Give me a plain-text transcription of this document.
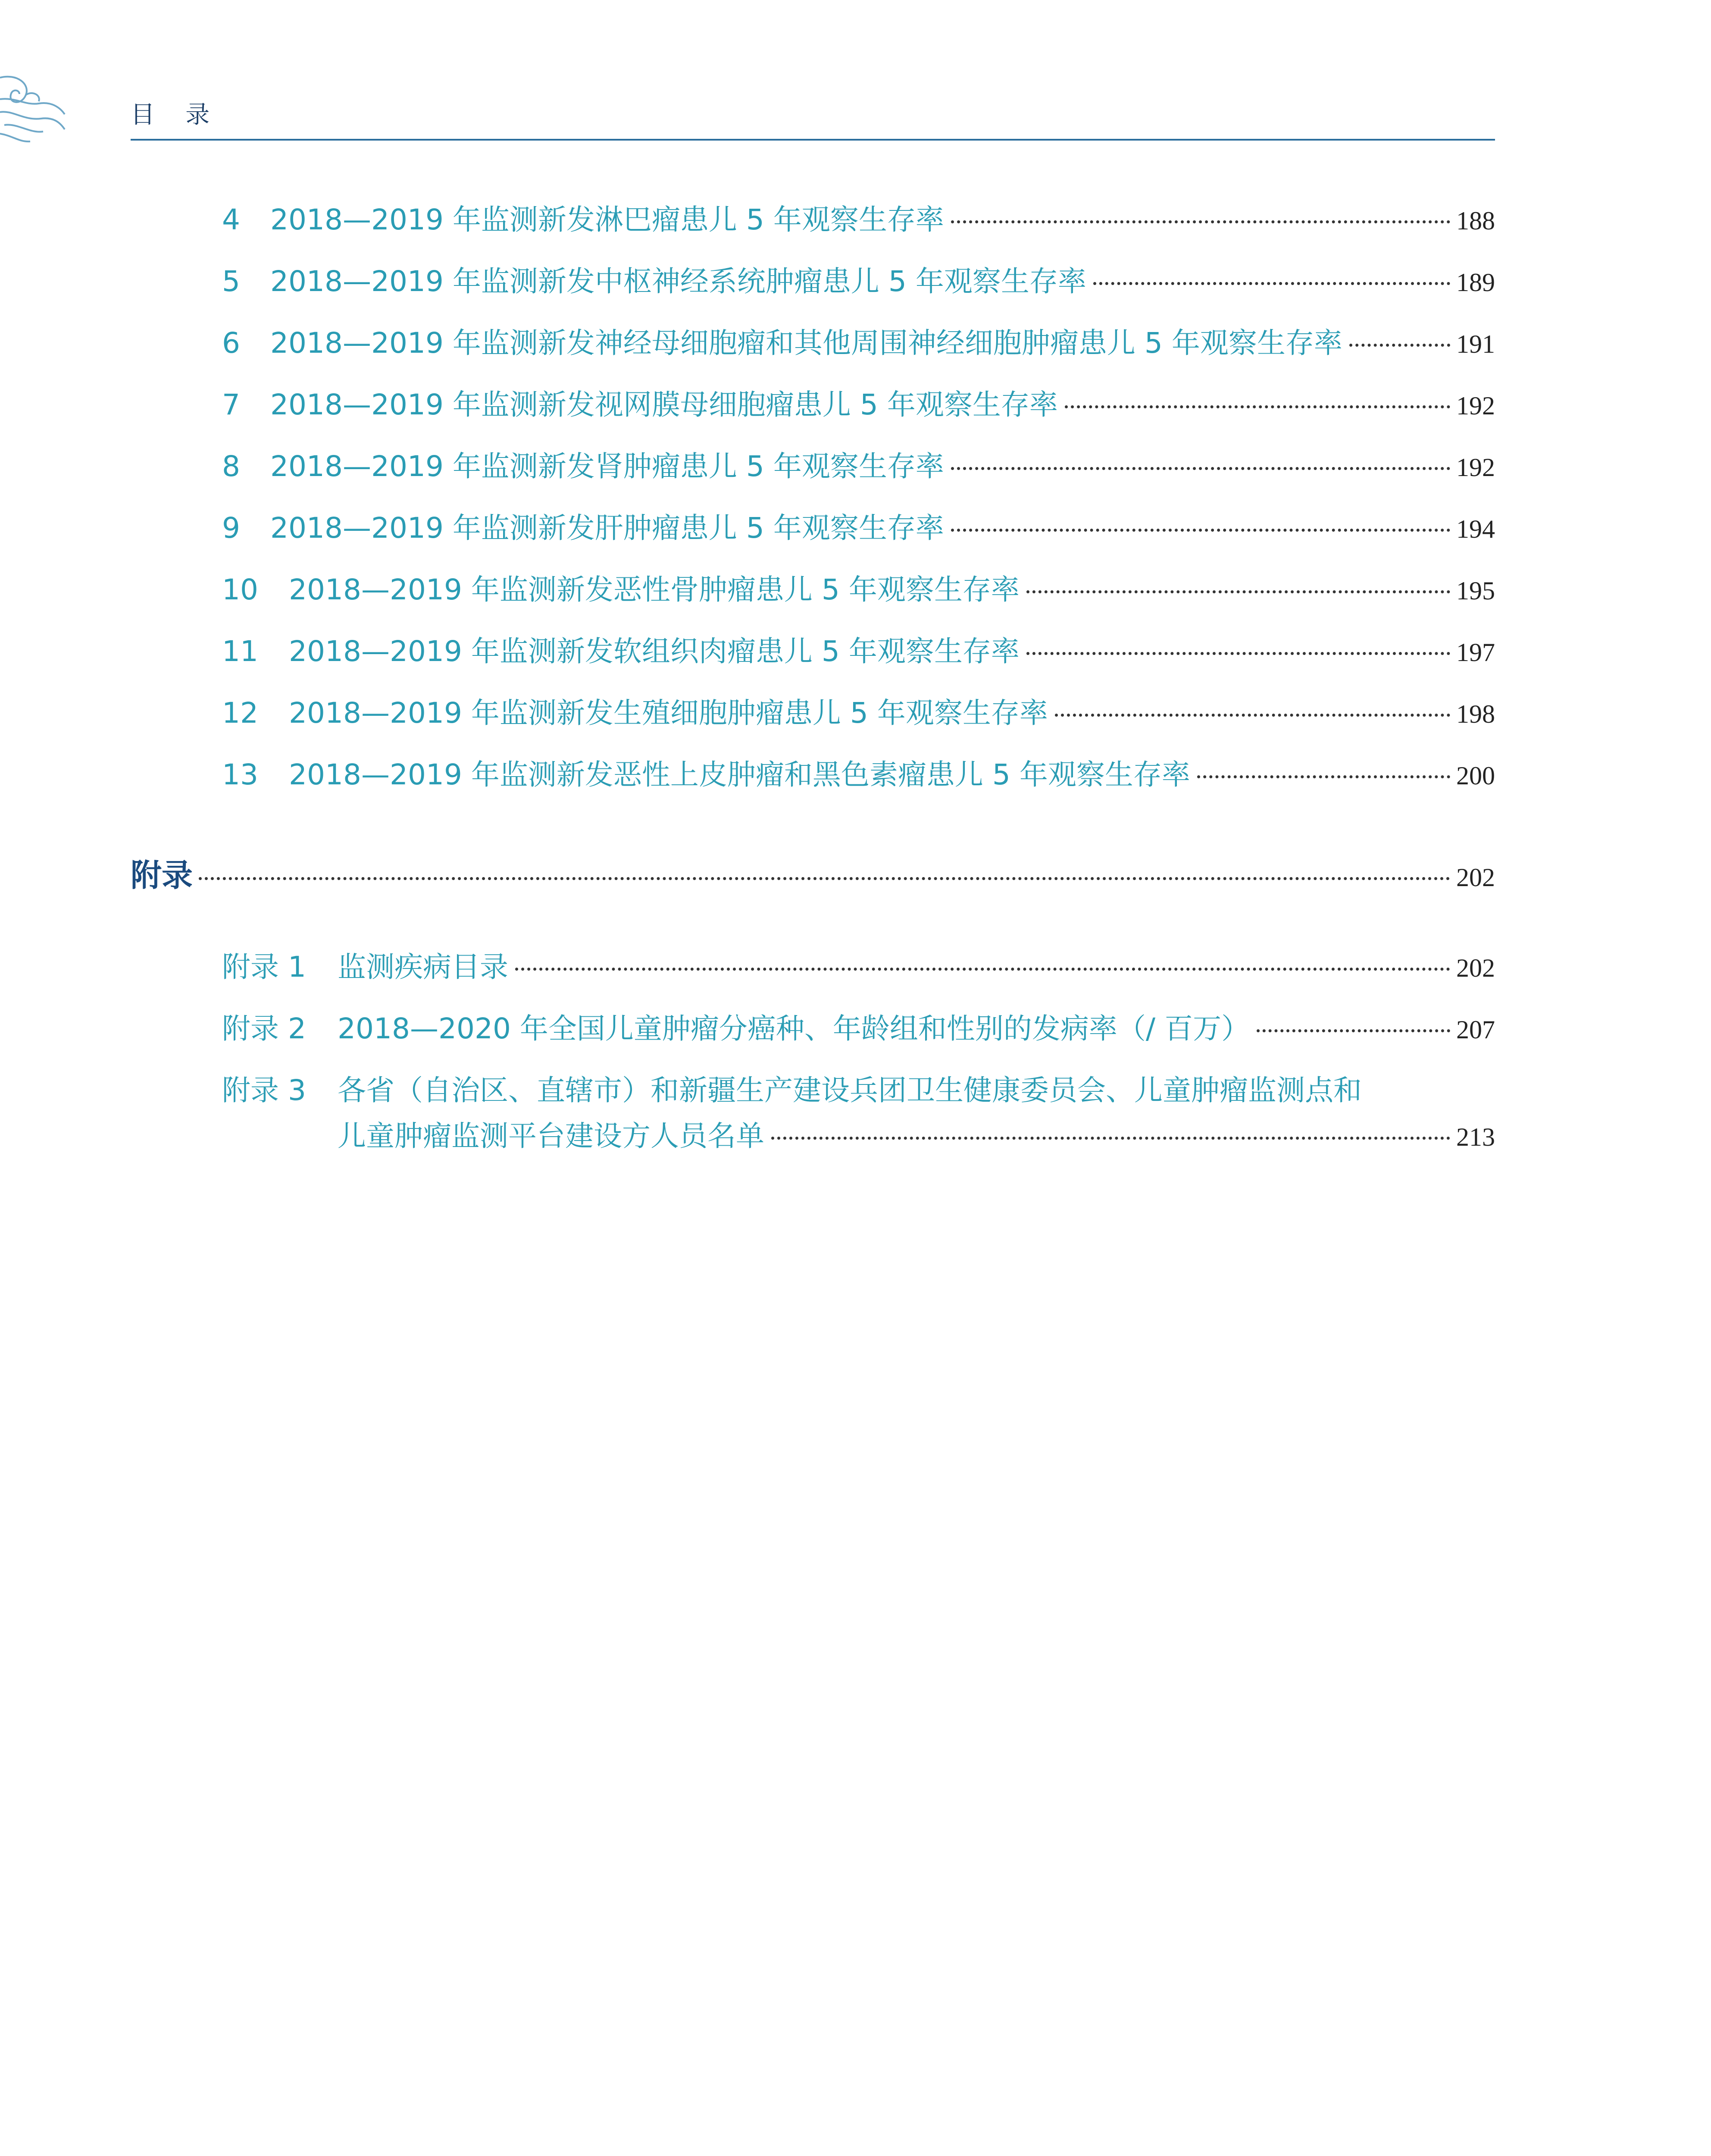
目    录
4	2018—2019 年监测新发淋巴瘤患儿 5 年观察生存率	188
5	2018—2019 年监测新发中枢神经系统肿瘤患儿 5 年观察生存率	189
6	2018—2019 年监测新发神经母细胞瘤和其他周围神经细胞肿瘤患儿 5 年观察生存率	191
7	2018—2019 年监测新发视网膜母细胞瘤患儿 5 年观察生存率	192
8	2018—2019 年监测新发肾肿瘤患儿 5 年观察生存率	192
9	2018—2019 年监测新发肝肿瘤患儿 5 年观察生存率	194
10	2018—2019 年监测新发恶性骨肿瘤患儿 5 年观察生存率	195
11	2018—2019 年监测新发软组织肉瘤患儿 5 年观察生存率	197
12	2018—2019 年监测新发生殖细胞肿瘤患儿 5 年观察生存率	198
13	2018—2019 年监测新发恶性上皮肿瘤和黑色素瘤患儿 5 年观察生存率	200
附录	202
附录 1	监测疾病目录	202
附录 2	2018—2020 年全国儿童肿瘤分癌种、年龄组和性别的发病率（/ 百万）	207
附录 3	各省（自治区、直辖市）和新疆生产建设兵团卫生健康委员会、儿童肿瘤监测点和
儿童肿瘤监测平台建设方人员名单	213
